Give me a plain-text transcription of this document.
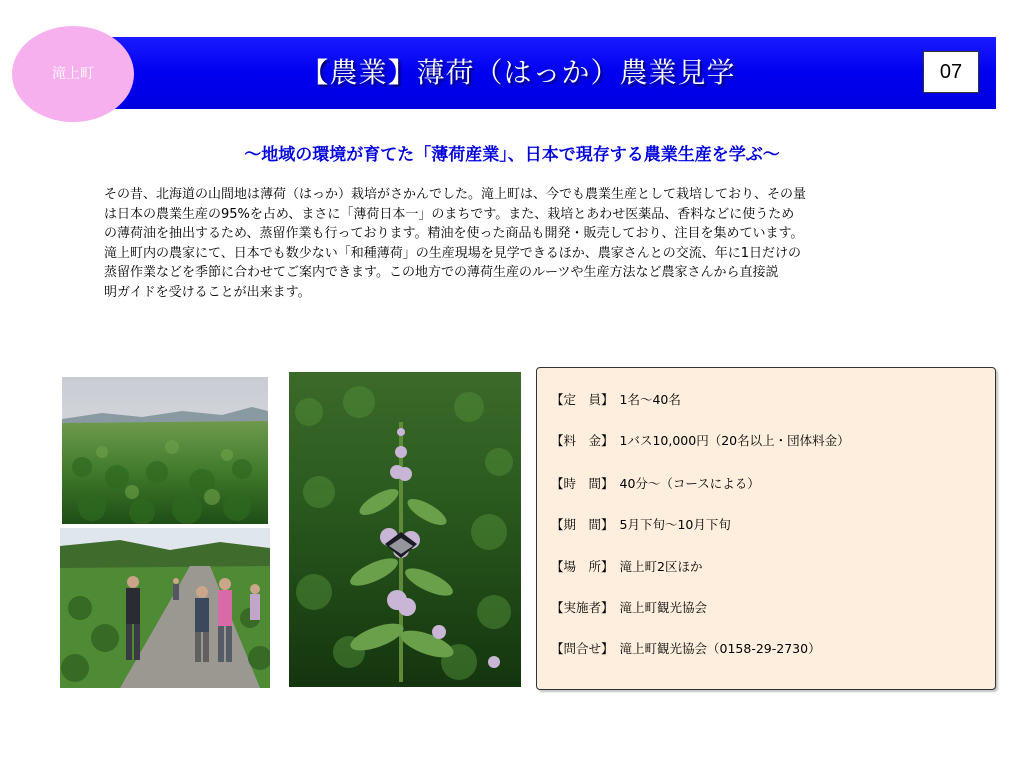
【農業】薄荷（はっか）農業見学	07
滝上町
～地域の環境が育てた「薄荷産業」、日本で現存する農業生産を学ぶ～
その昔、北海道の山間地は薄荷（はっか）栽培がさかんでした。滝上町は、今でも農業生産として栽培しており、その量
は日本の農業生産の95%を占め、まさに「薄荷日本一」のまちです。また、栽培とあわせ医薬品、香料などに使うため
の薄荷油を抽出するため、蒸留作業も行っております。精油を使った商品も開発・販売しており、注目を集めています。
滝上町内の農家にて、日本でも数少ない「和種薄荷」の生産現場を見学できるほか、農家さんとの交流、年に1日だけの
蒸留作業などを季節に合わせてご案内できます。この地方での薄荷生産のルーツや生産方法など農家さんから直接説
明ガイドを受けることが出来ます。
【定　員】 1名～40名
【料　金】 1バス10,000円（20名以上・団体料金）
【時　間】 40分～（コースによる）
【期　間】 5月下旬～10月下旬
【場　所】 滝上町2区ほか
【実施者】 滝上町観光協会
【問合せ】 滝上町観光協会（0158-29-2730）
